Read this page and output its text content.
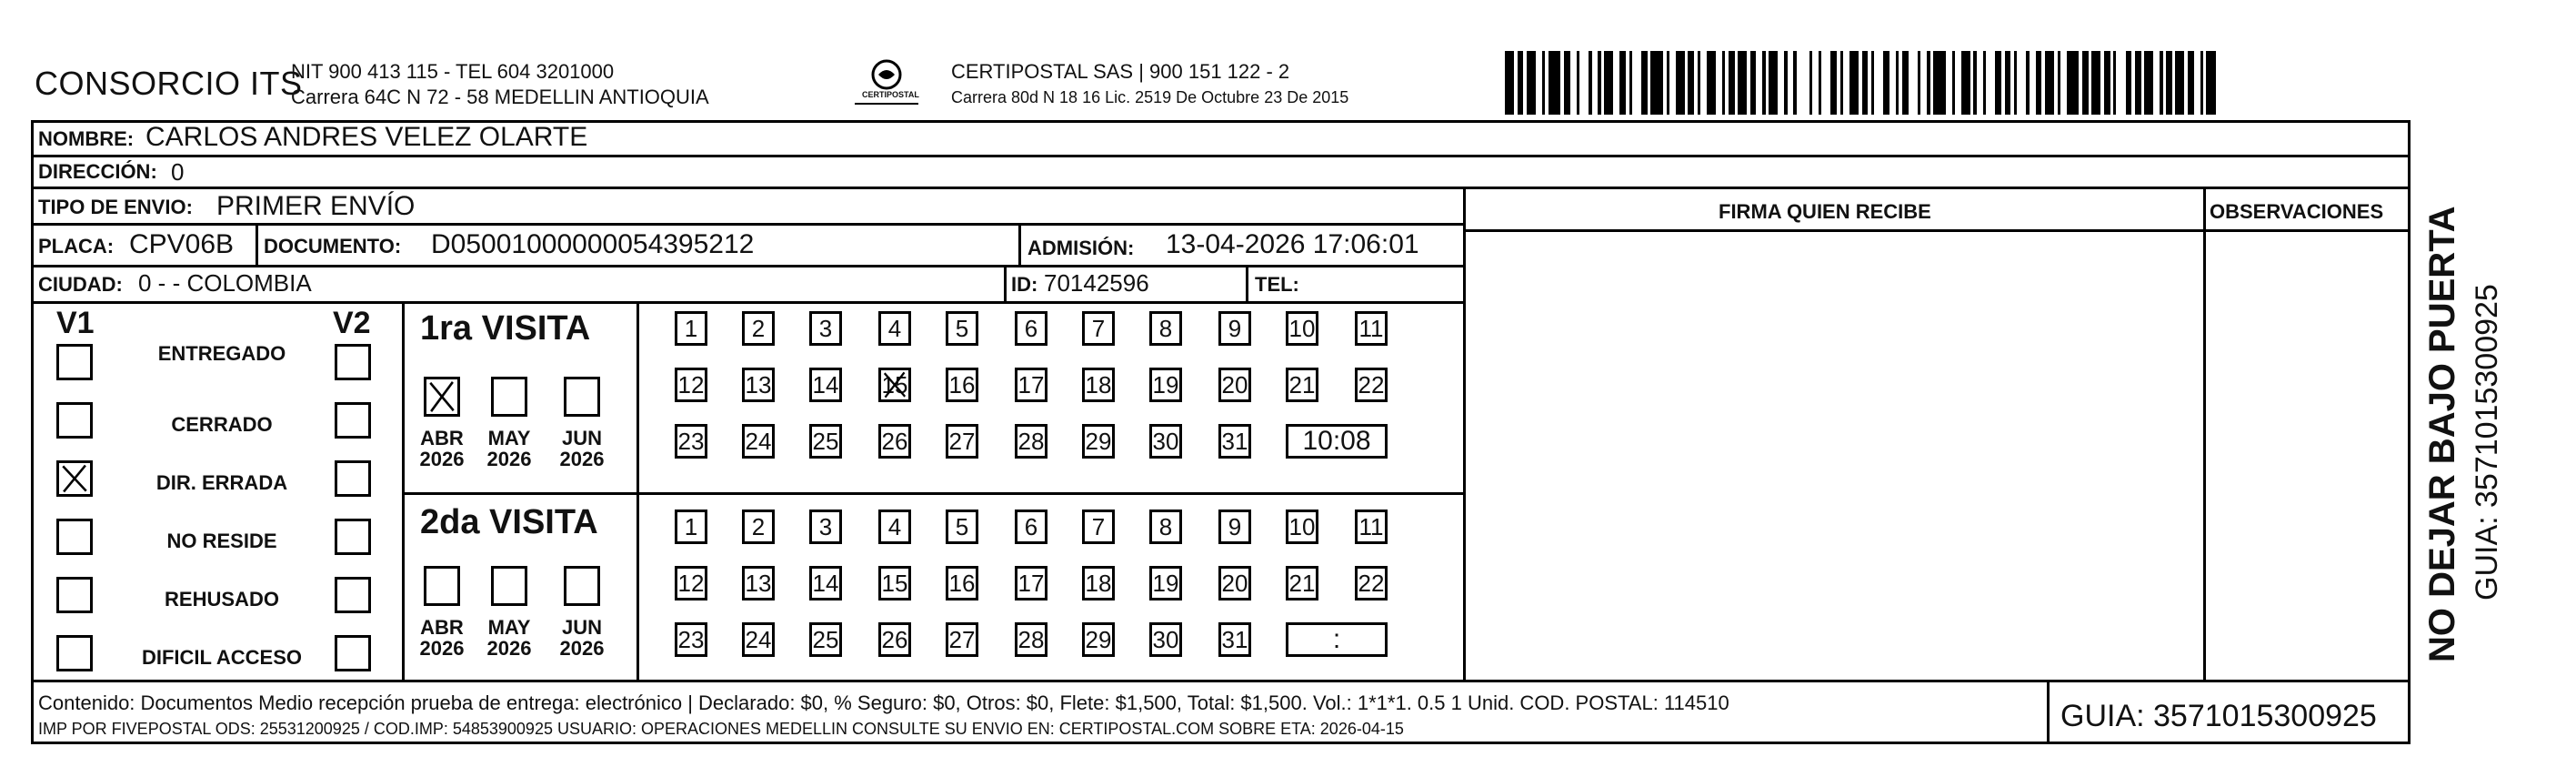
CONSORCIO ITS
NIT 900 413 115 - TEL 604 3201000
Carrera 64C N 72 - 58 MEDELLIN ANTIOQUIA	CERTIPOSTAL
CERTIPOSTAL SAS | 900 151 122 - 2
Carrera 80d N 18 16 Lic. 2519 De Octubre 23 De 2015
NOMBRE: CARLOS ANDRES VELEZ OLARTE
DIRECCIÓN: 0
TIPO DE ENVIO: PRIMER ENVÍO	FIRMA QUIEN RECIBE	OBSERVACIONES
PLACA: CPV06B DOCUMENTO: D05001000000054395212	ADMISIÓN: 13-04-2026 17:06:01
CIUDAD: 0 - - COLOMBIA	ID: 70142596	TEL:
V1	V2
ENTREGADO
CERRADO
DIR. ERRADA
NO RESIDE
REHUSADO
DIFICIL ACCESO
1ra VISITA
ABR
2026
MAY
2026
JUN
2026
1	2	3	4	5	6	7	8	9	10 11
12 13 14 15 16 17 18 19 20 21 22
23 24 25 26 27 28 29 30 31	10:08
2da VISITA
ABR
2026
MAY
2026
JUN
2026
1	2	3	4	5	6	7	8	9	10 11
12 13 14 15 16 17 18 19 20 21 22
23 24 25 26 27 28 29 30 31	:
Contenido: Documentos Medio recepción prueba de entrega: electrónico | Declarado: $0, % Seguro: $0, Otros: $0, Flete: $1,500, Total: $1,500. Vol.: 1*1*1. 0.5 1 Unid. COD. POSTAL: 114510
IMP POR FIVEPOSTAL ODS: 25531200925 / COD.IMP: 54853900925 USUARIO: OPERACIONES MEDELLIN CONSULTE SU ENVIO EN: CERTIPOSTAL.COM SOBRE ETA: 2026-04-15	GUIA: 3571015300925
NO DEJAR BAJO PUERTA GUIA: 3571015300925
